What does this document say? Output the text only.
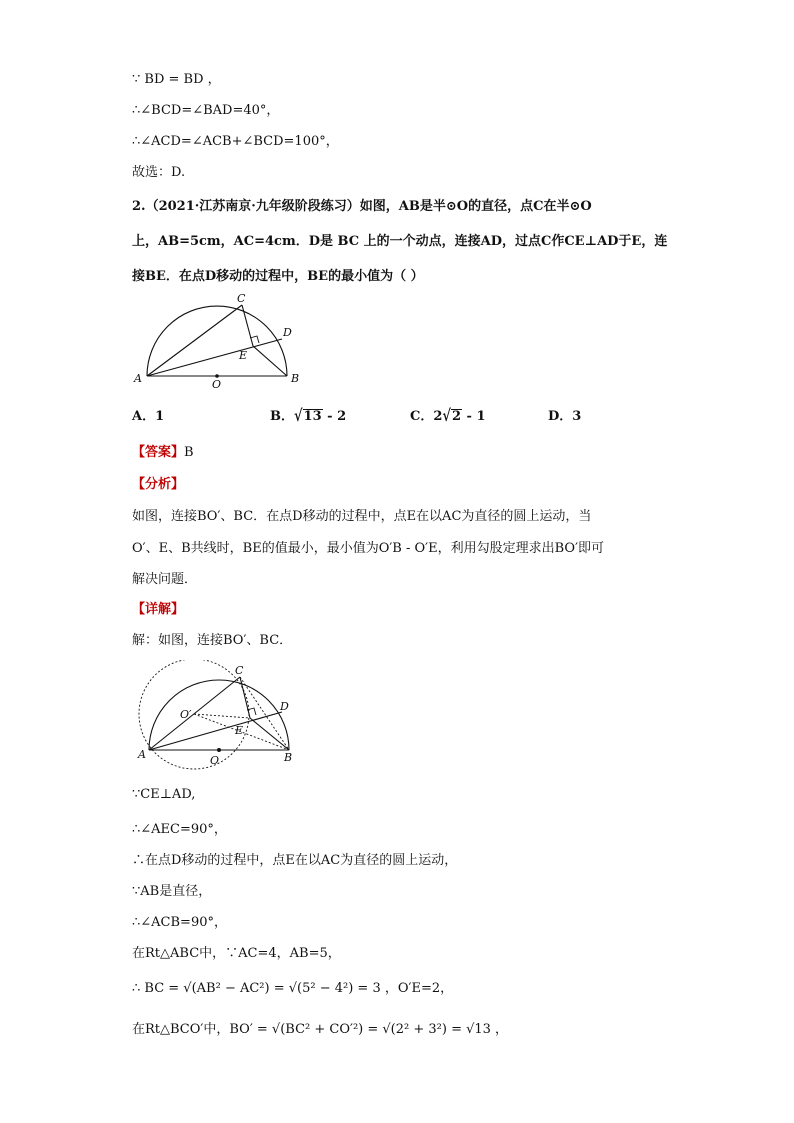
∵ BD = BD ，
∴∠BCD=∠BAD=40°，
∴∠ACD=∠ACB+∠BCD=100°，
故选：D.
2.（2021·江苏南京·九年级阶段练习）如图，AB是半⊙O的直径，点C在半⊙O
上，AB=5cm，AC=4cm．D是 BC 上的一个动点，连接AD，过点C作CE⊥AD于E，连
接BE．在点D移动的过程中，BE的最小值为（ ）
A	B
C
D
E
O
A．1	B．√13 - 2	C．2√2 - 1	D．3
【答案】B
【分析】
如图，连接BO′、BC．在点D移动的过程中，点E在以AC为直径的圆上运动，当
O′、E、B共线时，BE的值最小，最小值为O′B - O′E，利用勾股定理求出BO′即可
解决问题．
【详解】
解：如图，连接BO′、BC．
A	B
C
D
E
O
O′
∵CE⊥AD,
∴∠AEC=90°，
∴在点D移动的过程中，点E在以AC为直径的圆上运动，
∵AB是直径，
∴∠ACB=90°，
在Rt△ABC中，∵AC=4，AB=5，
∴ BC = √(AB² − AC²) = √(5² − 4²) = 3 ，O′E=2，
在Rt△BCO′中，BO′ = √(BC² + CO′²) = √(2² + 3²) = √13 ，
